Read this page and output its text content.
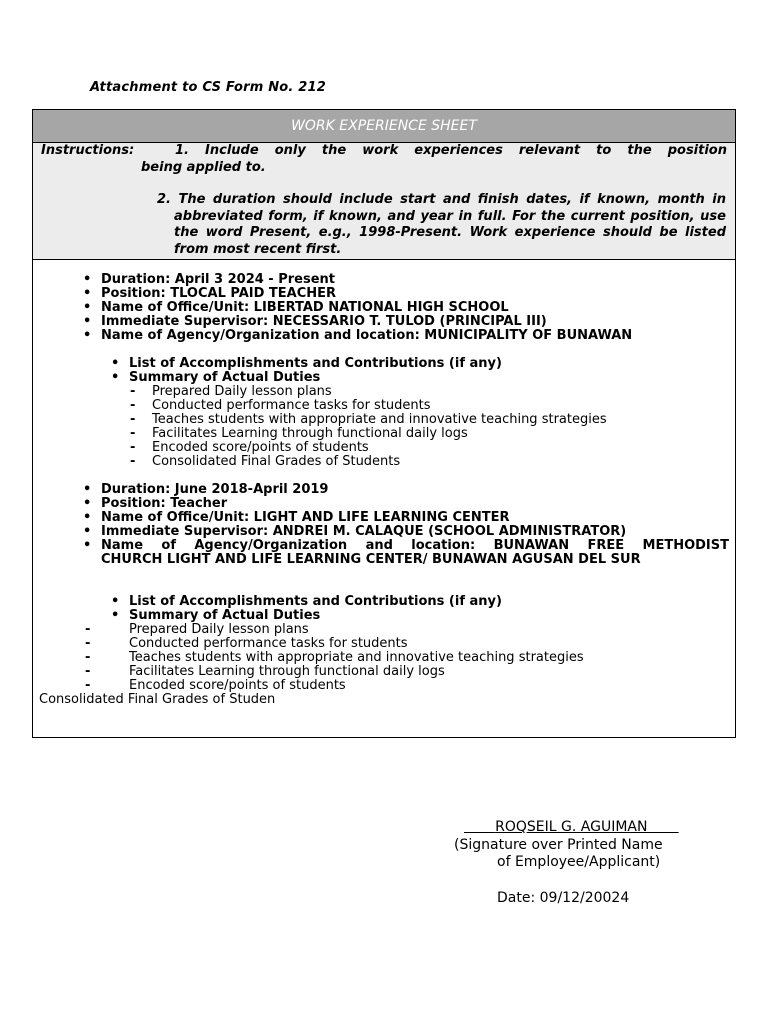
Attachment to CS Form No. 212
WORK EXPERIENCE SHEET
Instructions:	1. Include only the work experiences relevant to the position
being applied to.
2. The duration should include start and finish dates, if known, month in abbreviated form, if known, and year in full. For the current position, use the word Present, e.g., 1998-Present. Work experience should be listed from most recent first.
• Duration: April 3 2024 - Present
• Position: TLOCAL PAID TEACHER
• Name of Office/Unit: LIBERTAD NATIONAL HIGH SCHOOL
• Immediate Supervisor: NECESSARIO T. TULOD (PRINCIPAL III)
• Name of Agency/Organization and location: MUNICIPALITY OF BUNAWAN
• List of Accomplishments and Contributions (if any)
• Summary of Actual Duties
- Prepared Daily lesson plans
- Conducted performance tasks for students
- Teaches students with appropriate and innovative teaching strategies
- Facilitates Learning through functional daily logs
- Encoded score/points of students
- Consolidated Final Grades of Students
• Duration: June 2018-April 2019
• Position: Teacher
• Name of Office/Unit: LIGHT AND LIFE LEARNING CENTER
• Immediate Supervisor: ANDREI M. CALAQUE (SCHOOL ADMINISTRATOR)
• Name of Agency/Organization and location: BUNAWAN FREE METHODIST
CHURCH LIGHT AND LIFE LEARNING CENTER/ BUNAWAN AGUSAN DEL SUR
• List of Accomplishments and Contributions (if any)
• Summary of Actual Duties
-	Prepared Daily lesson plans
-	Conducted performance tasks for students
-	Teaches students with appropriate and innovative teaching strategies
-	Facilitates Learning through functional daily logs
-	Encoded score/points of students
Consolidated Final Grades of Studen
ROQSEIL G. AGUIMAN
(Signature over Printed Name
of Employee/Applicant)
Date: 09/12/20024
